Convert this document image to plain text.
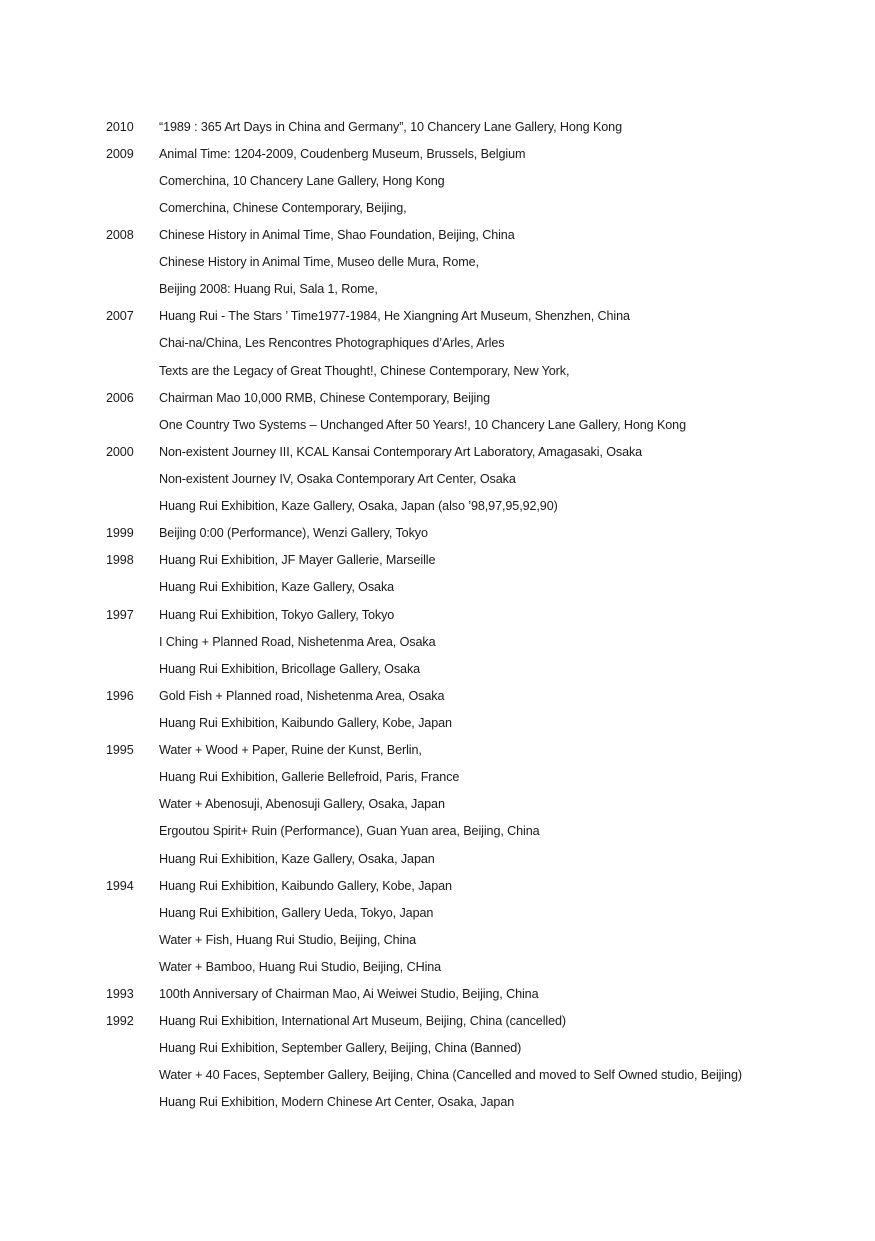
2010	“1989 : 365 Art Days in China and Germany”, 10 Chancery Lane Gallery, Hong Kong
2009	Animal Time: 1204-2009, Coudenberg Museum, Brussels, Belgium
Comerchina, 10 Chancery Lane Gallery, Hong Kong
Comerchina, Chinese Contemporary, Beijing,
2008	Chinese History in Animal Time, Shao Foundation, Beijing, China
Chinese History in Animal Time, Museo delle Mura, Rome,
Beijing 2008: Huang Rui, Sala 1, Rome,
2007	Huang Rui - The Stars ’ Time1977-1984, He Xiangning Art Museum, Shenzhen, China
Chai-na/China, Les Rencontres Photographiques d’Arles, Arles
Texts are the Legacy of Great Thought!, Chinese Contemporary, New York,
2006	Chairman Mao 10,000 RMB, Chinese Contemporary, Beijing
One Country Two Systems – Unchanged After 50 Years!, 10 Chancery Lane Gallery, Hong Kong
2000	Non-existent Journey III, KCAL Kansai Contemporary Art Laboratory, Amagasaki, Osaka
Non-existent Journey IV, Osaka Contemporary Art Center, Osaka
Huang Rui Exhibition, Kaze Gallery, Osaka, Japan (also ’98,97,95,92,90)
1999	Beijing 0:00 (Performance), Wenzi Gallery, Tokyo
1998	Huang Rui Exhibition, JF Mayer Gallerie, Marseille
Huang Rui Exhibition, Kaze Gallery, Osaka
1997	Huang Rui Exhibition, Tokyo Gallery, Tokyo
I Ching + Planned Road, Nishetenma Area, Osaka
Huang Rui Exhibition, Bricollage Gallery, Osaka
1996	Gold Fish + Planned road, Nishetenma Area, Osaka
Huang Rui Exhibition, Kaibundo Gallery, Kobe, Japan
1995	Water + Wood + Paper, Ruine der Kunst, Berlin,
Huang Rui Exhibition, Gallerie Bellefroid, Paris, France
Water + Abenosuji, Abenosuji Gallery, Osaka, Japan
Ergoutou Spirit+ Ruin (Performance), Guan Yuan area, Beijing, China
Huang Rui Exhibition, Kaze Gallery, Osaka, Japan
1994	Huang Rui Exhibition, Kaibundo Gallery, Kobe, Japan
Huang Rui Exhibition, Gallery Ueda, Tokyo, Japan
Water + Fish, Huang Rui Studio, Beijing, China
Water + Bamboo, Huang Rui Studio, Beijing, CHina
1993	100th Anniversary of Chairman Mao, Ai Weiwei Studio, Beijing, China
1992	Huang Rui Exhibition, International Art Museum, Beijing, China (cancelled)
Huang Rui Exhibition, September Gallery, Beijing, China (Banned)
Water + 40 Faces, September Gallery, Beijing, China (Cancelled and moved to Self Owned studio, Beijing)
Huang Rui Exhibition, Modern Chinese Art Center, Osaka, Japan
